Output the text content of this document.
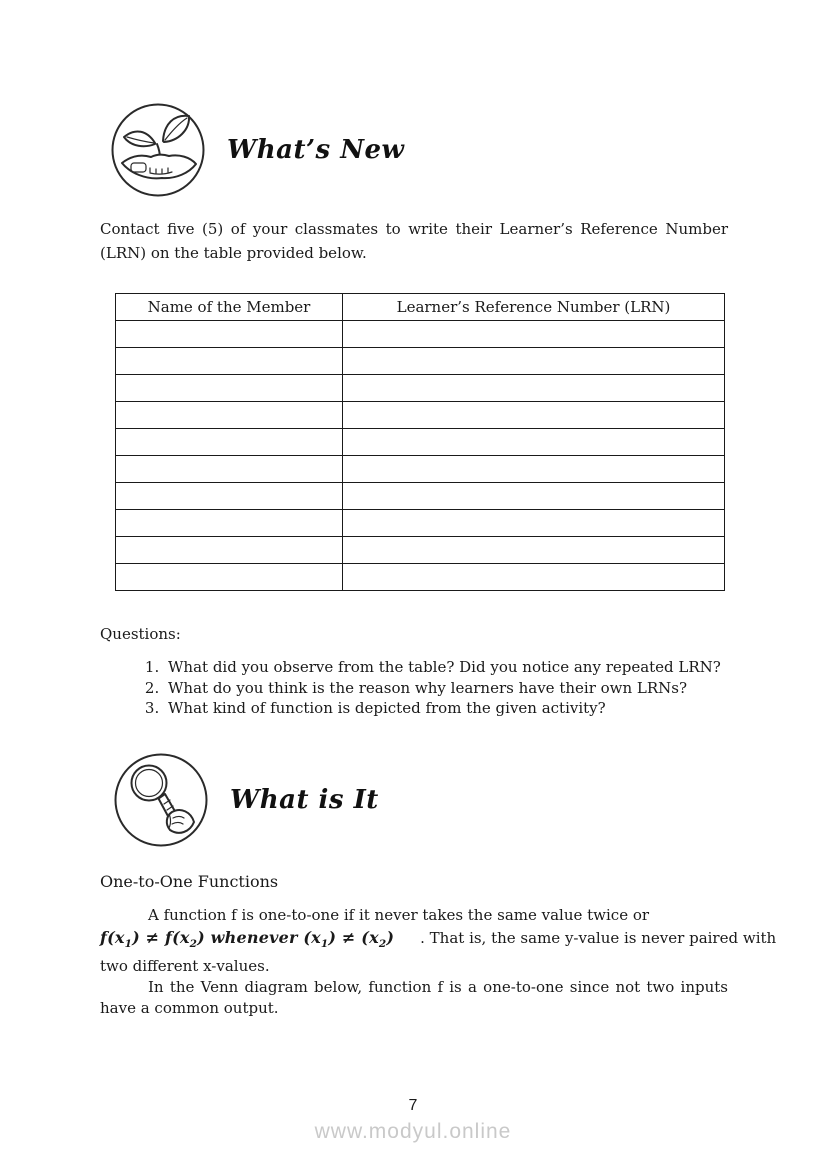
What’s New

Contact five (5) of your classmates to write their Learner’s Reference Number (LRN) on the table provided below.

Name of the Member	Learner’s Reference Number (LRN)

Questions:
1. What did you observe from the table? Did you notice any repeated LRN?
2. What do you think is the reason why learners have their own LRNs?
3. What kind of function is depicted from the given activity?
What is It
One-to-One Functions
A function f is one-to-one if it never takes the same value twice or
$f(x_1) \ne f(x_2)$ whenever $(x_1) \ne (x_2)$ . That is, the same y-value is never paired with
two different x-values.

In the Venn diagram below, function f is a one-to-one since not two inputs have a common output.

7
www.modyul.online
